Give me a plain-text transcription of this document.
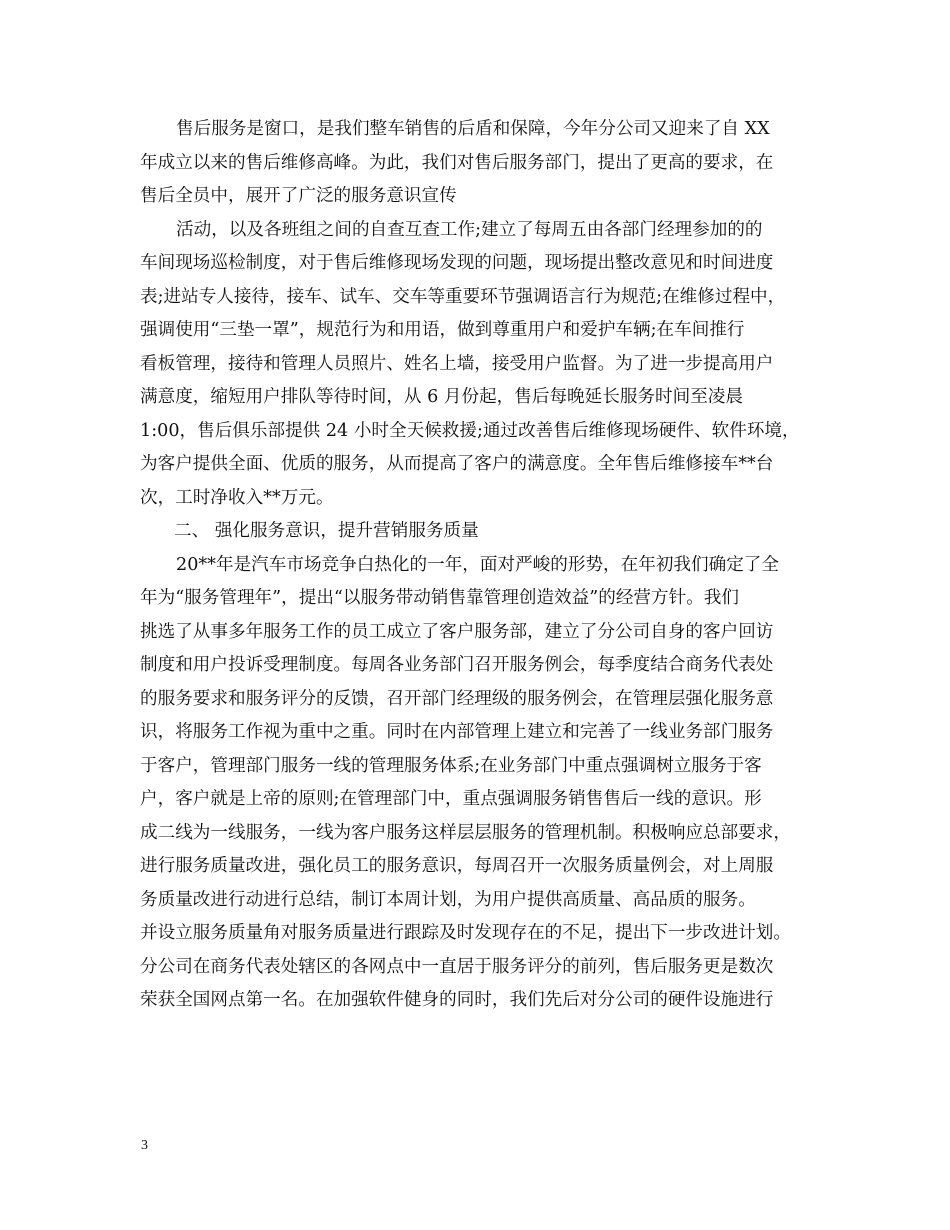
售后服务是窗口，是我们整车销售的后盾和保障，今年分公司又迎来了自 XX
年成立以来的售后维修高峰。为此，我们对售后服务部门，提出了更高的要求，在
售后全员中，展开了广泛的服务意识宣传
活动，以及各班组之间的自查互查工作;建立了每周五由各部门经理参加的的
车间现场巡检制度，对于售后维修现场发现的问题，现场提出整改意见和时间进度
表;进站专人接待，接车、试车、交车等重要环节强调语言行为规范;在维修过程中，
强调使用“三垫一罩”，规范行为和用语，做到尊重用户和爱护车辆;在车间推行
看板管理，接待和管理人员照片、姓名上墙，接受用户监督。为了进一步提高用户
满意度，缩短用户排队等待时间，从 6 月份起，售后每晚延长服务时间至凌晨
1:00，售后俱乐部提供 24 小时全天候救援;通过改善售后维修现场硬件、软件环境，
为客户提供全面、优质的服务，从而提高了客户的满意度。全年售后维修接车**台
次，工时净收入**万元。
二、 强化服务意识，提升营销服务质量
20**年是汽车市场竞争白热化的一年，面对严峻的形势，在年初我们确定了全
年为“服务管理年”，提出“以服务带动销售靠管理创造效益”的经营方针。我们
挑选了从事多年服务工作的员工成立了客户服务部，建立了分公司自身的客户回访
制度和用户投诉受理制度。每周各业务部门召开服务例会，每季度结合商务代表处
的服务要求和服务评分的反馈，召开部门经理级的服务例会，在管理层强化服务意
识，将服务工作视为重中之重。同时在内部管理上建立和完善了一线业务部门服务
于客户，管理部门服务一线的管理服务体系;在业务部门中重点强调树立服务于客
户，客户就是上帝的原则;在管理部门中，重点强调服务销售售后一线的意识。形
成二线为一线服务，一线为客户服务这样层层服务的管理机制。积极响应总部要求，
进行服务质量改进，强化员工的服务意识，每周召开一次服务质量例会，对上周服
务质量改进行动进行总结，制订本周计划，为用户提供高质量、高品质的服务。
并设立服务质量角对服务质量进行跟踪及时发现存在的不足，提出下一步改进计划。
分公司在商务代表处辖区的各网点中一直居于服务评分的前列，售后服务更是数次
荣获全国网点第一名。在加强软件健身的同时，我们先后对分公司的硬件设施进行
3
